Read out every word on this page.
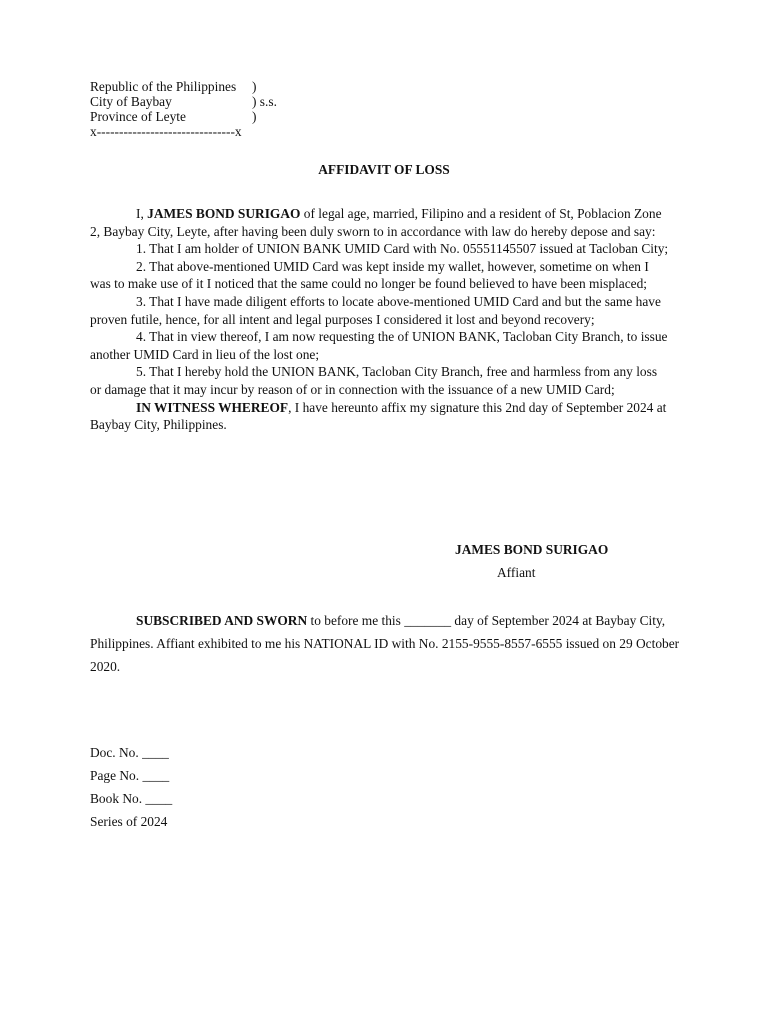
Republic of the Philippines	)
City of Baybay	) s.s.
Province of Leyte	)
x-------------------------------x
AFFIDAVIT OF LOSS

I, JAMES BOND SURIGAO of legal age, married, Filipino and a resident of St, Poblacion Zone 2, Baybay City, Leyte, after having been duly sworn to in accordance with law do hereby depose and say:

1. That I am holder of UNION BANK UMID Card with No. 05551145507 issued at Tacloban City;

2. That above-mentioned UMID Card was kept inside my wallet, however, sometime on when I was to make use of it I noticed that the same could no longer be found believed to have been misplaced;

3. That I have made diligent efforts to locate above-mentioned UMID Card and but the same have proven futile, hence, for all intent and legal purposes I considered it lost and beyond recovery;

4. That in view thereof, I am now requesting the of UNION BANK, Tacloban City Branch, to issue another UMID Card in lieu of the lost one;

5. That I hereby hold the UNION BANK, Tacloban City Branch, free and harmless from any loss or damage that it may incur by reason of or in connection with the issuance of a new UMID Card;

IN WITNESS WHEREOF, I have hereunto affix my signature this 2nd day of September 2024 at Baybay City, Philippines.

JAMES BOND SURIGAO
Affiant

SUBSCRIBED AND SWORN to before me this _______ day of September 2024 at Baybay City, Philippines. Affiant exhibited to me his NATIONAL ID with No. 2155-9555-8557-6555 issued on 29 October 2020.

Doc. No. ____
Page No. ____
Book No. ____
Series of 2024
